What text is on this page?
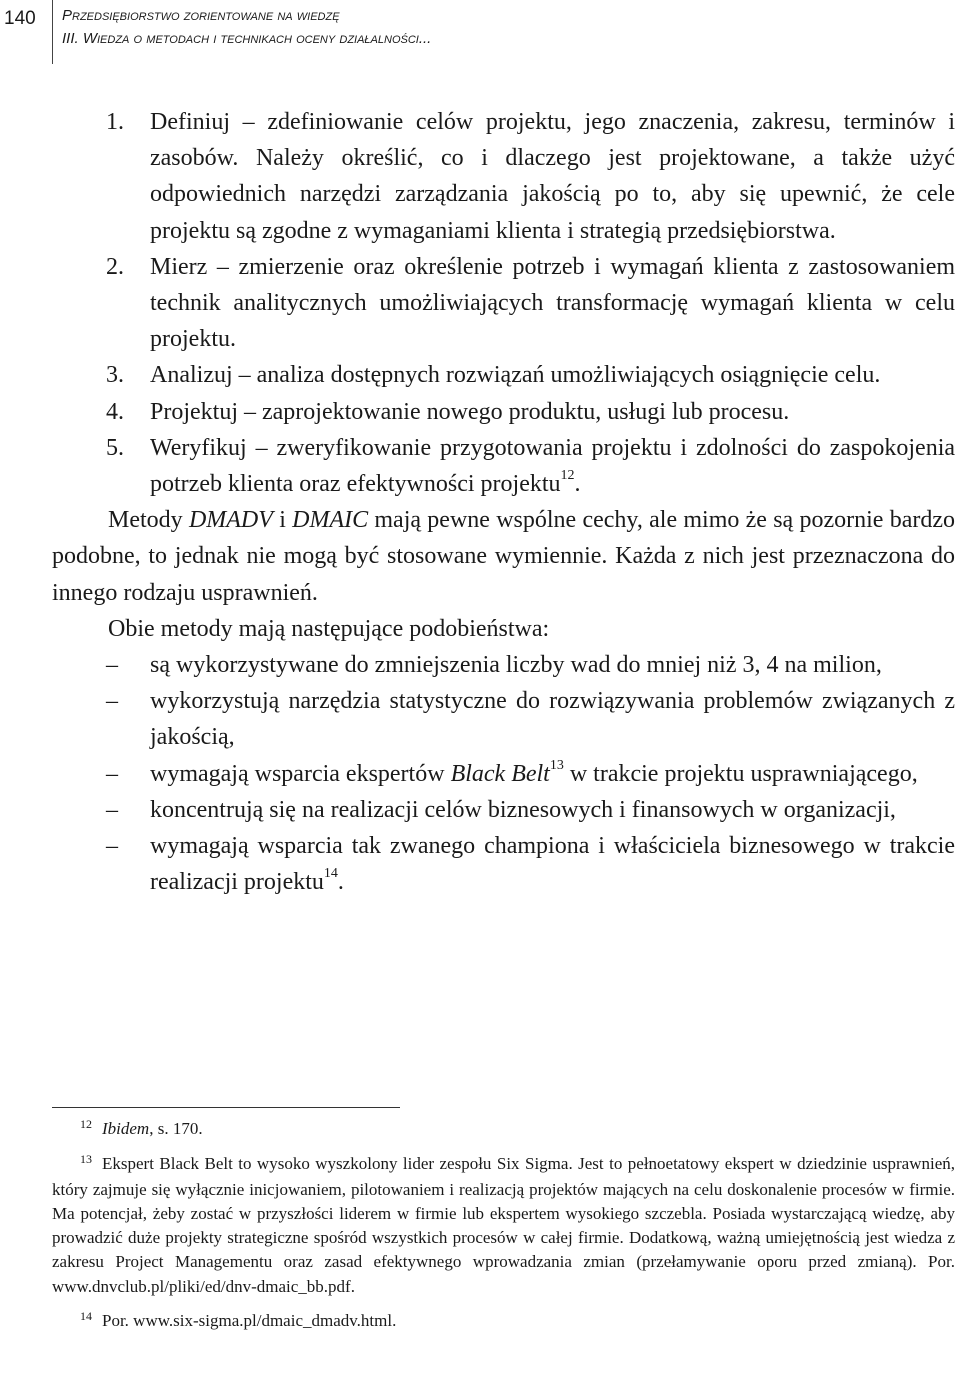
140 Przedsiębiorstwo zorientowane na wiedzę
III. Wiedza o metodach i technikach oceny działalności...
1. Definiuj – zdefiniowanie celów projektu, jego znaczenia, zakresu, terminów i zasobów. Należy określić, co i dlaczego jest projektowane, a także użyć odpowiednich narzędzi zarządzania jakością po to, aby się upewnić, że cele projektu są zgodne z wymaganiami klienta i strategią przedsiębiorstwa.
2. Mierz – zmierzenie oraz określenie potrzeb i wymagań klienta z zastosowaniem technik analitycznych umożliwiających transformację wymagań klienta w celu projektu.
3. Analizuj – analiza dostępnych rozwiązań umożliwiających osiągnięcie celu.
4. Projektuj – zaprojektowanie nowego produktu, usługi lub procesu.
5. Weryfikuj – zweryfikowanie przygotowania projektu i zdolności do zaspokojenia potrzeb klienta oraz efektywności projektu$^{12}$.

Metody DMADV i DMAIC mają pewne wspólne cechy, ale mimo że są pozornie bardzo podobne, to jednak nie mogą być stosowane wymiennie. Każda z nich jest przeznaczona do innego rodzaju usprawnień.

Obie metody mają następujące podobieństwa:

– są wykorzystywane do zmniejszenia liczby wad do mniej niż 3, 4 na milion,
– wykorzystują narzędzia statystyczne do rozwiązywania problemów związanych z jakością,
– wymagają wsparcia ekspertów Black Belt$^{13}$ w trakcie projektu usprawniającego,
– koncentrują się na realizacji celów biznesowych i finansowych w organizacji,
– wymagają wsparcia tak zwanego championa i właściciela biznesowego w trakcie realizacji projektu$^{14}$.

$^{12}$ Ibidem, s. 170.

$^{13}$ Ekspert Black Belt to wysoko wyszkolony lider zespołu Six Sigma. Jest to pełnoetatowy ekspert w dziedzinie usprawnień, który zajmuje się wyłącznie inicjowaniem, pilotowaniem i realizacją projektów mających na celu doskonalenie procesów w firmie. Ma potencjał, żeby zostać w przyszłości liderem w firmie lub ekspertem wysokiego szczebla. Posiada wystarczającą wiedzę, aby prowadzić duże projekty strategiczne spośród wszystkich procesów w całej firmie. Dodatkową, ważną umiejętnością jest wiedza z zakresu Project Managementu oraz zasad efektywnego wprowadzania zmian (przełamywanie oporu przed zmianą). Por. www.dnvclub.pl/pliki/ed/dnv-dmaic_bb.pdf.

$^{14}$ Por. www.six-sigma.pl/dmaic_dmadv.html.
